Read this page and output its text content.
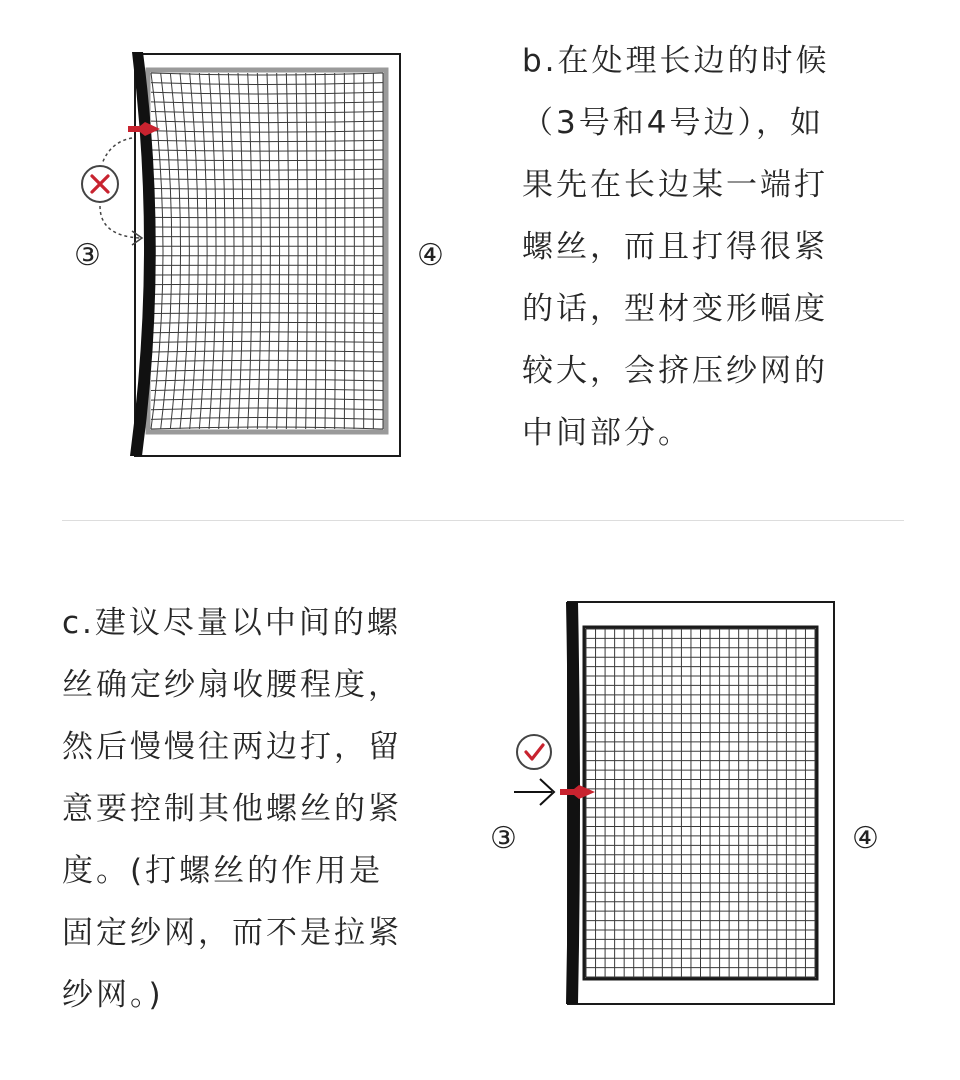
③	④
b.在处理长边的时候
（3号和4号边），如
果先在长边某一端打
螺丝，而且打得很紧
的话，型材变形幅度
较大，会挤压纱网的
中间部分。
③	④
c.建议尽量以中间的螺
丝确定纱扇收腰程度，
然后慢慢往两边打，留
意要控制其他螺丝的紧
度。(打螺丝的作用是
固定纱网，而不是拉紧
纱网。)
